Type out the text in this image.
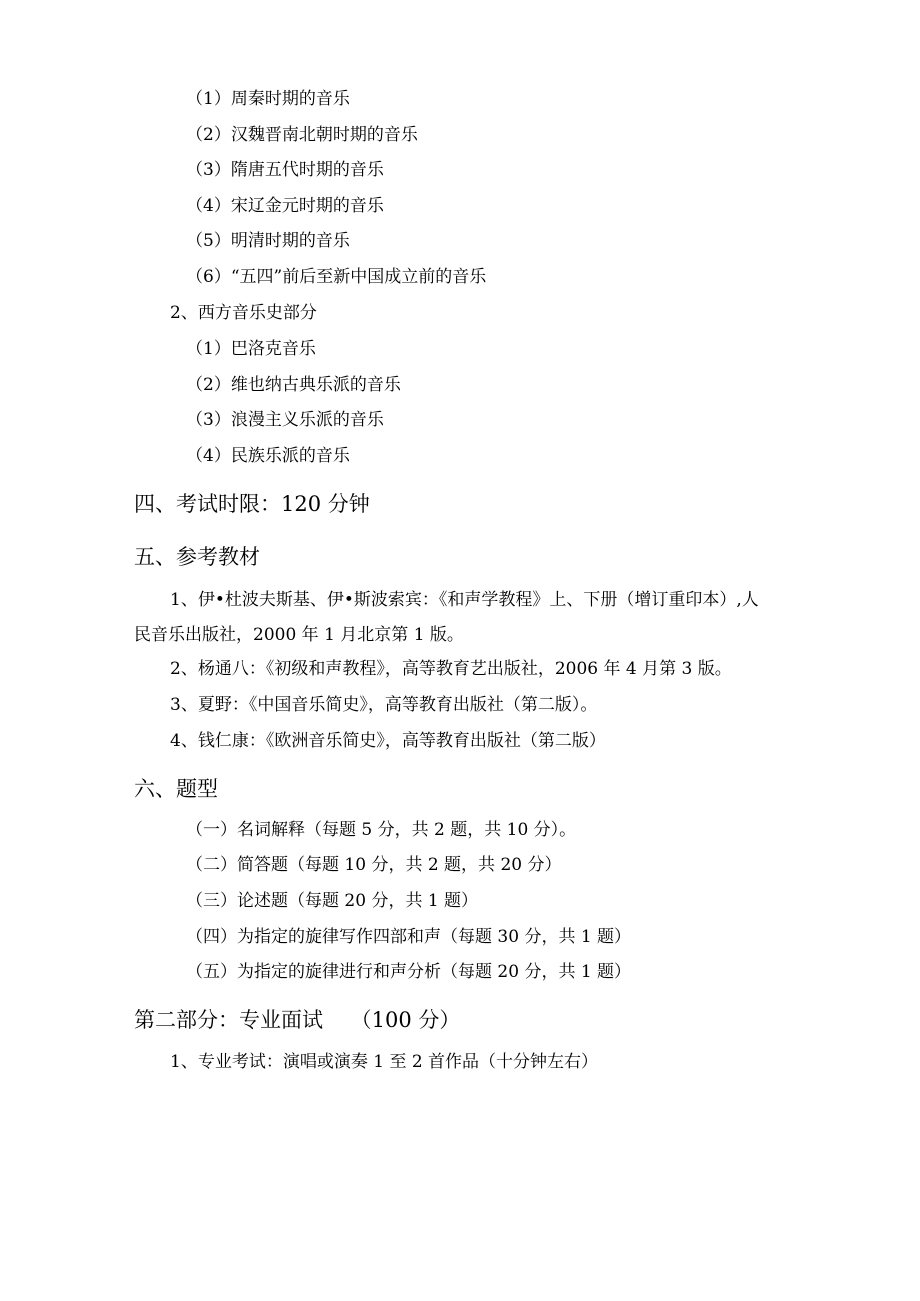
（1）周秦时期的音乐
（2）汉魏晋南北朝时期的音乐
（3）隋唐五代时期的音乐
（4）宋辽金元时期的音乐
（5）明清时期的音乐
（6）“五四”前后至新中国成立前的音乐
2、西方音乐史部分
（1）巴洛克音乐
（2）维也纳古典乐派的音乐
（3）浪漫主义乐派的音乐
（4）民族乐派的音乐
四、考试时限：120 分钟
五、参考教材
1、伊•杜波夫斯基、伊•斯波索宾：《和声学教程》上、下册（增订重印本）,人民音乐出版社，2000 年 1 月北京第 1 版。
2、杨通八：《初级和声教程》，高等教育艺出版社，2006 年 4 月第 3 版。
3、夏野：《中国音乐简史》，高等教育出版社（第二版）。
4、钱仁康：《欧洲音乐简史》，高等教育出版社（第二版）
六、题型
（一）名词解释（每题 5 分，共 2 题，共 10 分）。
（二）简答题（每题 10 分，共 2 题，共 20 分）
（三）论述题（每题 20 分，共 1 题）
（四）为指定的旋律写作四部和声（每题 30 分，共 1 题）
（五）为指定的旋律进行和声分析（每题 20 分，共 1 题）
第二部分：专业面试　 （100 分）
1、专业考试：演唱或演奏 1 至 2 首作品（十分钟左右）
